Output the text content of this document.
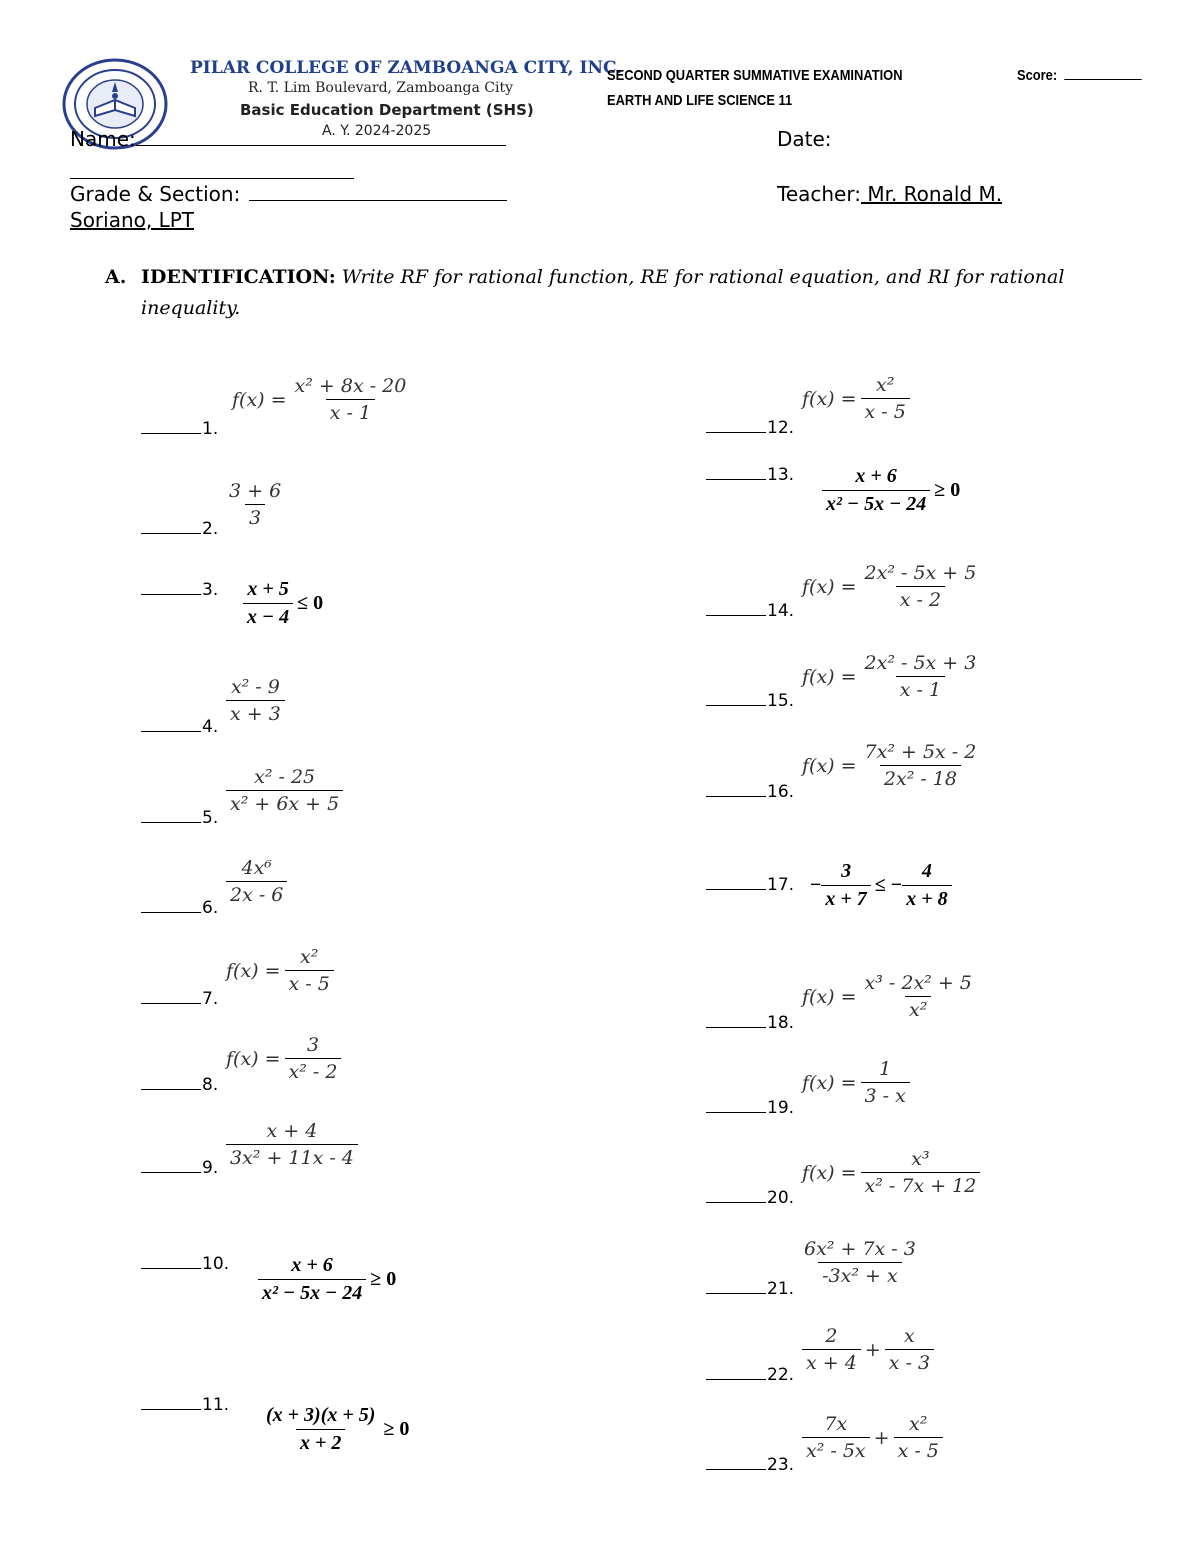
PILAR COLLEGE OF ZAMBOANGA CITY, INC.
R. T. Lim Boulevard, Zamboanga City
Basic Education Department (SHS)
A. Y. 2024-2025
SECOND QUARTER SUMMATIVE EXAMINATION
EARTH AND LIFE SCIENCE 11
Score:
Name:	Date:
Grade & Section:	Teacher: Mr. Ronald M.
Soriano, LPT
A. IDENTIFICATION: Write RF for rational function, RE for rational equation, and RI for rational inequality.
1.
$f(x) = \frac{\text{x² + 8x - 20}}{x - 1}$
2. $\frac{3 + 6}{3}$
3. $\frac{x + 5}{x - 4} \le 0$
4.
$\frac{\text{x² - 9}}{x + 3}$
5.
$\frac{\text{x² - 25}}{\text{x² + 6x + 5}}$
6.
$\frac{\text{4x⁶}}{2x - 6}$
7.
$f(x) = \frac{\text{x²}}{x - 5}$
8.
$f(x) = \frac{3}{\text{x² - 2}}$
9. $\frac{x + 4}{\text{3x² + 11x - 4}}$
10. $\frac{x + 6}{\text{x² − 5x − 24}} \ge 0$
11. $\frac{(x + 3)(x + 5)}{x + 2} \ge 0$
12.
$f(x) = \frac{\text{x²}}{x - 5}$
13. $\frac{x + 6}{\text{x² − 5x − 24}} \ge 0$
14.
$f(x) = \frac{\text{2x² - 5x + 5}}{x - 2}$
15.
$f(x) = \frac{\text{2x² - 5x + 3}}{x - 1}$
16.
$f(x) = \frac{\text{7x² + 5x - 2}}{\text{2x² - 18}}$
17. − $\frac{3}{x + 7}$ ≤ − $\frac{4}{x + 8}$
18.
$f(x) = \frac{\text{x³ - 2x² + 5}}{\text{x²}}$
19.
$f(x) = \frac{1}{3 - x}$
20.
$f(x) = \frac{\text{x³}}{\text{x² - 7x + 12}}$
21.
$\frac{\text{6x² + 7x - 3}}{\text{-3x² + x}}$
22.
$\frac{2}{x + 4} + \frac{x}{x - 3}$
23.
$\frac{7x}{\text{x² - 5x}} + \frac{\text{x²}}{x - 5}$
